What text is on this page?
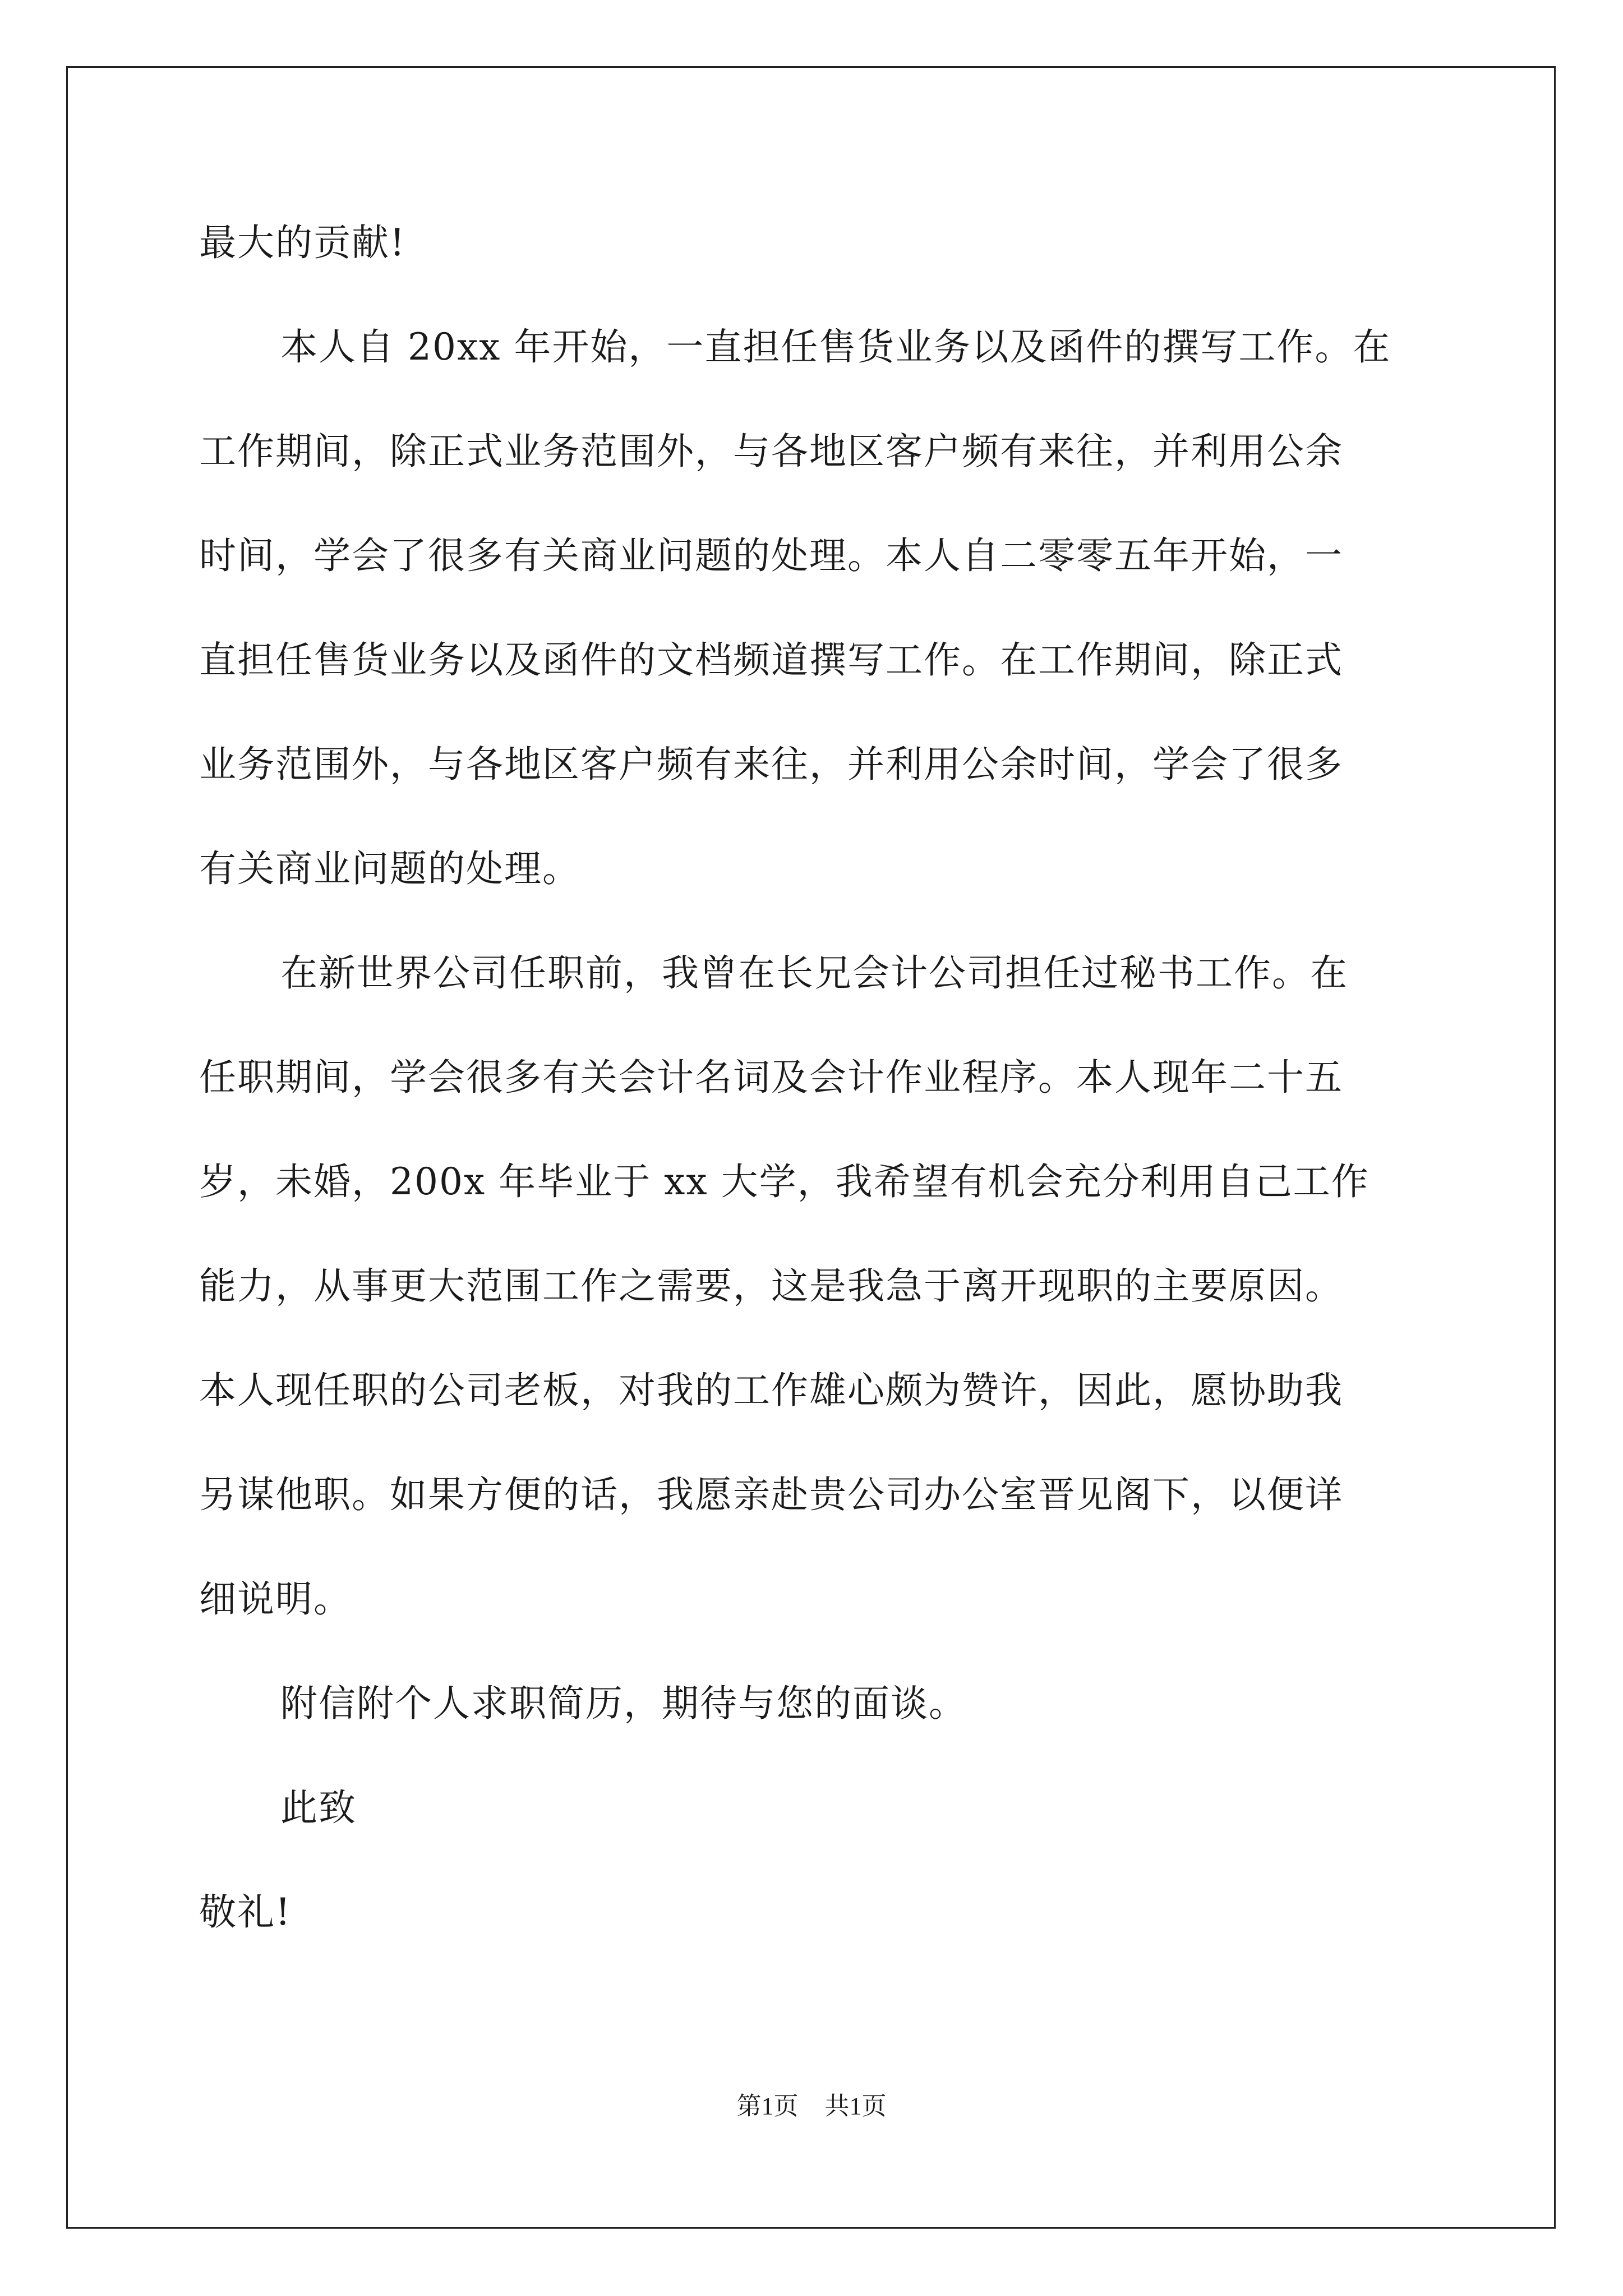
最大的贡献!
本人自 20xx 年开始，一直担任售货业务以及函件的撰写工作。在
工作期间，除正式业务范围外，与各地区客户频有来往，并利用公余
时间，学会了很多有关商业问题的处理。本人自二零零五年开始，一
直担任售货业务以及函件的文档频道撰写工作。在工作期间，除正式
业务范围外，与各地区客户频有来往，并利用公余时间，学会了很多
有关商业问题的处理。
在新世界公司任职前，我曾在长兄会计公司担任过秘书工作。在
任职期间，学会很多有关会计名词及会计作业程序。本人现年二十五
岁，未婚，200x 年毕业于 xx 大学，我希望有机会充分利用自己工作
能力，从事更大范围工作之需要，这是我急于离开现职的主要原因。
本人现任职的公司老板，对我的工作雄心颇为赞许，因此，愿协助我
另谋他职。如果方便的话，我愿亲赴贵公司办公室晋见阁下，以便详
细说明。
附信附个人求职简历，期待与您的面谈。
此致
敬礼!
第1页 共1页
